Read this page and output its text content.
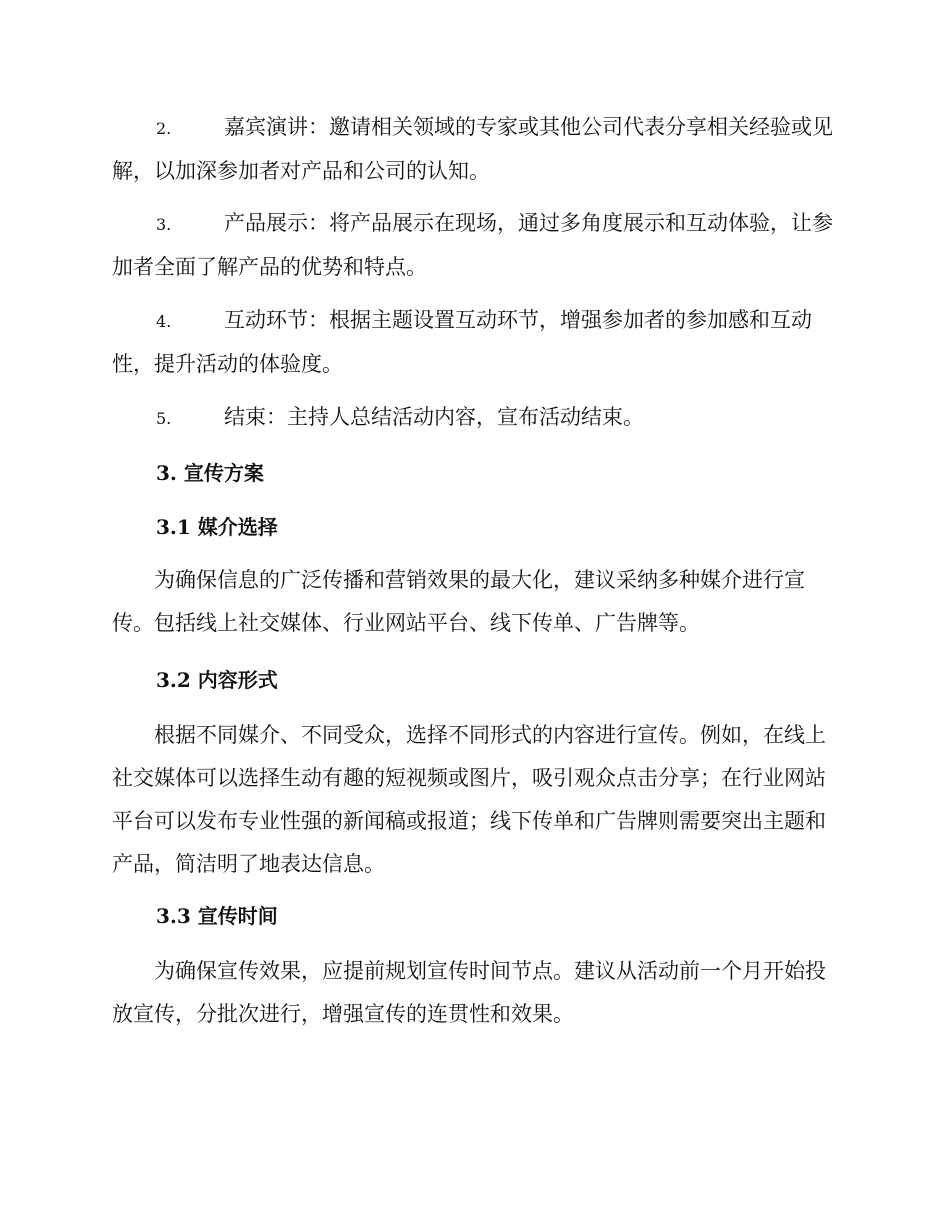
2.	嘉宾演讲：邀请相关领域的专家或其他公司代表分享相关经验或见解，以加深参加者对产品和公司的认知。

3.	产品展示：将产品展示在现场，通过多角度展示和互动体验，让参加者全面了解产品的优势和特点。

4.	互动环节：根据主题设置互动环节，增强参加者的参加感和互动性，提升活动的体验度。

5.	结束：主持人总结活动内容，宣布活动结束。

3. 宣传方案
3.1 媒介选择

为确保信息的广泛传播和营销效果的最大化，建议采纳多种媒介进行宣传。包括线上社交媒体、行业网站平台、线下传单、广告牌等。

3.2 内容形式

根据不同媒介、不同受众，选择不同形式的内容进行宣传。例如，在线上社交媒体可以选择生动有趣的短视频或图片，吸引观众点击分享；在行业网站平台可以发布专业性强的新闻稿或报道；线下传单和广告牌则需要突出主题和产品，简洁明了地表达信息。

3.3 宣传时间

为确保宣传效果，应提前规划宣传时间节点。建议从活动前一个月开始投放宣传，分批次进行，增强宣传的连贯性和效果。
